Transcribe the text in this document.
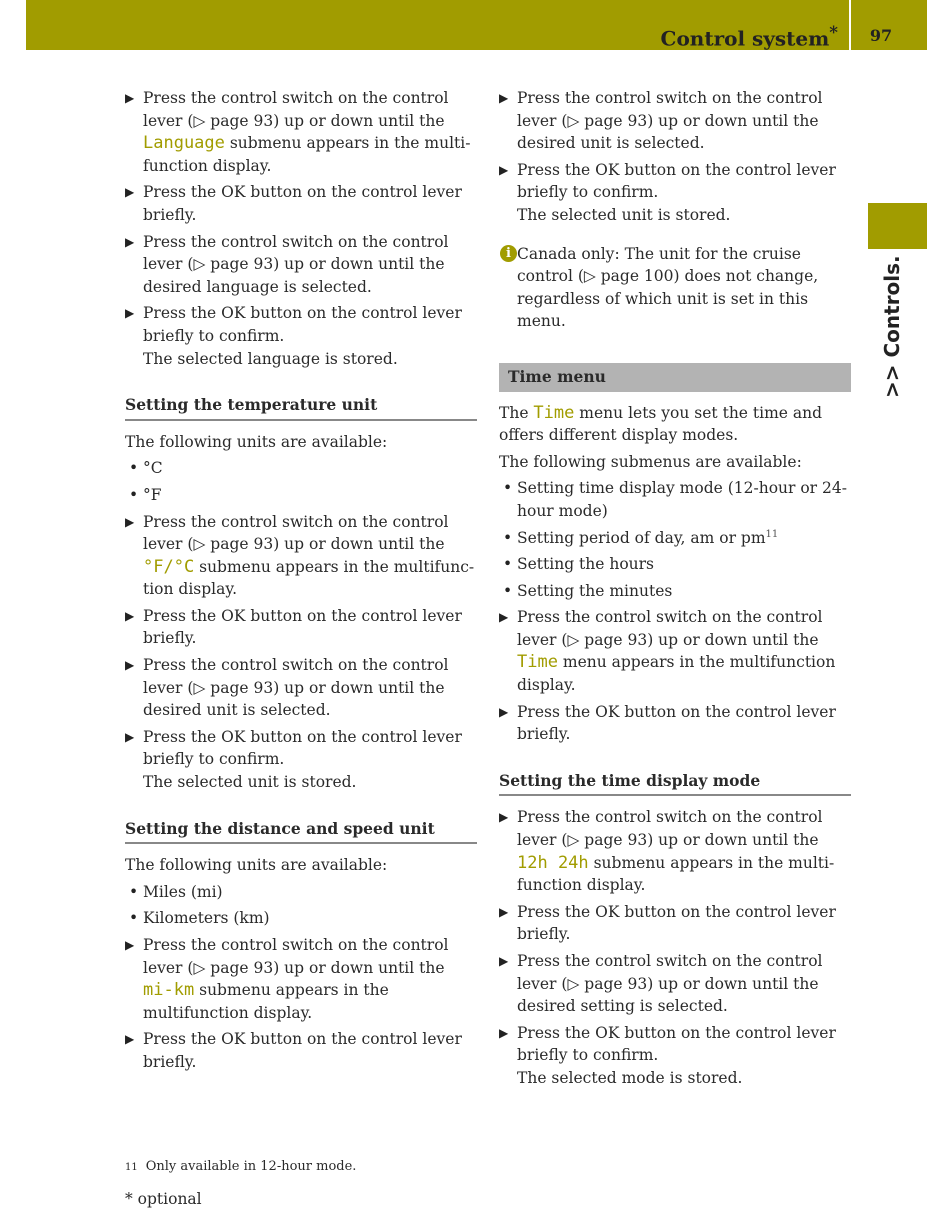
Control system*	97
>> Controls.
▶ Press the control switch on the control lever (▷ page 93) up or down until the Language submenu appears in the multi-function display.
▶ Press the OK button on the control lever briefly.
▶ Press the control switch on the control lever (▷ page 93) up or down until the desired language is selected.
▶ Press the OK button on the control lever briefly to confirm.
The selected language is stored.
Setting the temperature unit
The following units are available:
• °C
• °F
▶ Press the control switch on the control lever (▷ page 93) up or down until the °F/°C submenu appears in the multifunc-tion display.
▶ Press the OK button on the control lever briefly.
▶ Press the control switch on the control lever (▷ page 93) up or down until the desired unit is selected.
▶ Press the OK button on the control lever briefly to confirm.
The selected unit is stored.
Setting the distance and speed unit
The following units are available:
• Miles (mi)
• Kilometers (km)
▶ Press the control switch on the control lever (▷ page 93) up or down until the mi-km submenu appears in the multifunction display.
▶ Press the OK button on the control lever briefly.
▶ Press the control switch on the control lever (▷ page 93) up or down until the desired unit is selected.
▶ Press the OK button on the control lever briefly to confirm.
The selected unit is stored.
i Canada only: The unit for the cruise control (▷ page 100) does not change, regardless of which unit is set in this menu.
Time menu
The Time menu lets you set the time and offers different display modes.
The following submenus are available:
• Setting time display mode (12-hour or 24-hour mode)
• Setting period of day, am or $pm^{11}$
• Setting the hours
• Setting the minutes
▶ Press the control switch on the control lever (▷ page 93) up or down until the Time menu appears in the multifunction display.
▶ Press the OK button on the control lever briefly.
Setting the time display mode
▶ Press the control switch on the control lever (▷ page 93) up or down until the 12h 24h submenu appears in the multi-function display.
▶ Press the OK button on the control lever briefly.
▶ Press the control switch on the control lever (▷ page 93) up or down until the desired setting is selected.
▶ Press the OK button on the control lever briefly to confirm.
The selected mode is stored.
11 Only available in 12-hour mode.
* optional
